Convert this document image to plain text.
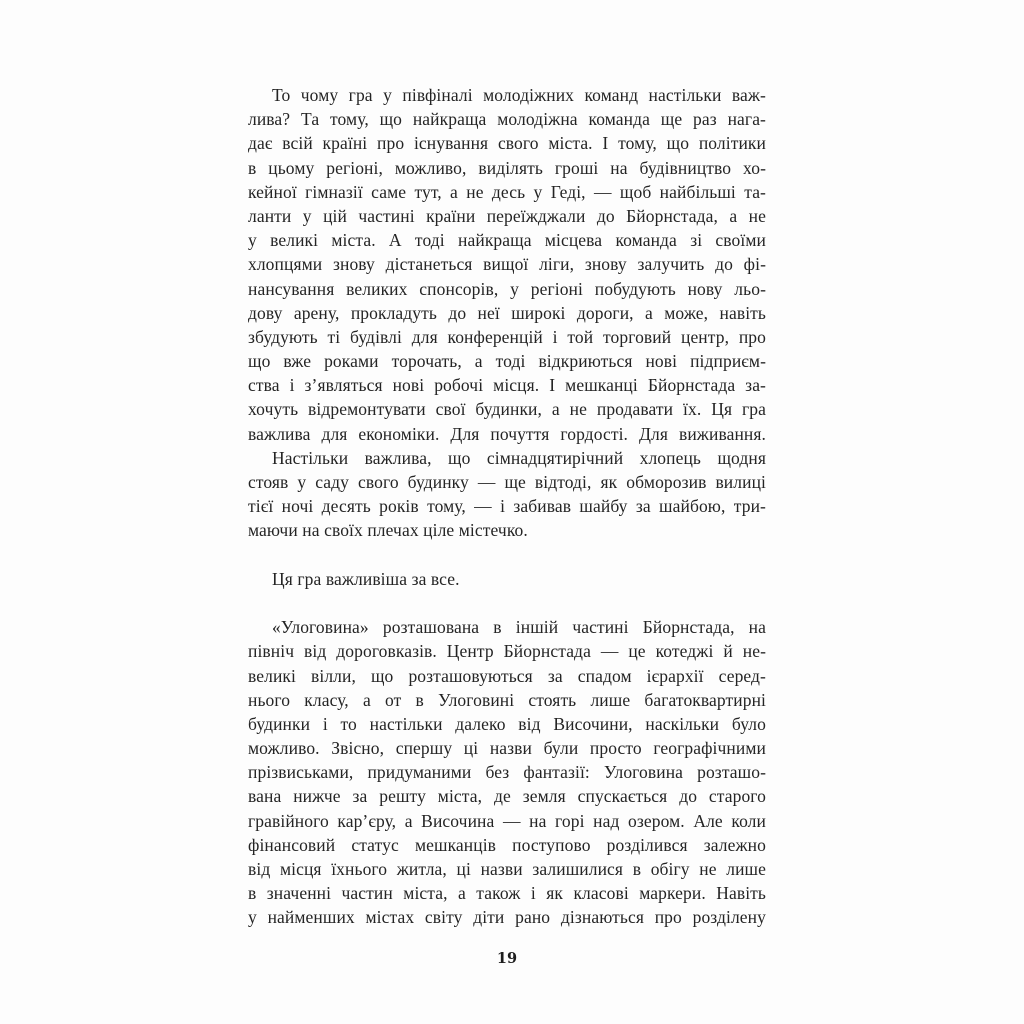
То чому гра у півфіналі молодіжних команд настільки важ-
лива? Та тому, що найкраща молодіжна команда ще раз нага-
дає всій країні про існування свого міста. І тому, що політики
в цьому регіоні, можливо, виділять гроші на будівництво хо-
кейної гімназії саме тут, а не десь у Геді, — щоб найбільші та-
ланти у цій частині країни переїжджали до Бйорнстада, а не
у великі міста. А тоді найкраща місцева команда зі своїми
хлопцями знову дістанеться вищої ліги, знову залучить до фі-
нансування великих спонсорів, у регіоні побудують нову льо-
дову арену, прокладуть до неї широкі дороги, а може, навіть
збудують ті будівлі для конференцій і той торговий центр, про
що вже роками торочать, а тоді відкриються нові підприєм-
ства і з’являться нові робочі місця. І мешканці Бйорнстада за-
хочуть відремонтувати свої будинки, а не продавати їх. Ця гра
важлива для економіки. Для почуття гордості. Для виживання.
Настільки важлива, що сімнадцятирічний хлопець щодня
стояв у саду свого будинку — ще відтоді, як обморозив вилиці
тієї ночі десять років тому, — і забивав шайбу за шайбою, три-
маючи на своїх плечах ціле містечко.
Ця гра важливіша за все.
«Улоговина» розташована в іншій частині Бйорнстада, на
північ від дороговказів. Центр Бйорнстада — це котеджі й не-
великі вілли, що розташовуються за спадом ієрархії серед-
нього класу, а от в Улоговині стоять лише багатоквартирні
будинки і то настільки далеко від Височини, наскільки було
можливо. Звісно, спершу ці назви були просто географічними
прізвиськами, придуманими без фантазії: Улоговина розташо-
вана нижче за решту міста, де земля спускається до старого
гравійного кар’єру, а Височина — на горі над озером. Але коли
фінансовий статус мешканців поступово розділився залежно
від місця їхнього житла, ці назви залишилися в обігу не лише
в значенні частин міста, а також і як класові маркери. Навіть
у найменших містах світу діти рано дізнаються про розділену
19
